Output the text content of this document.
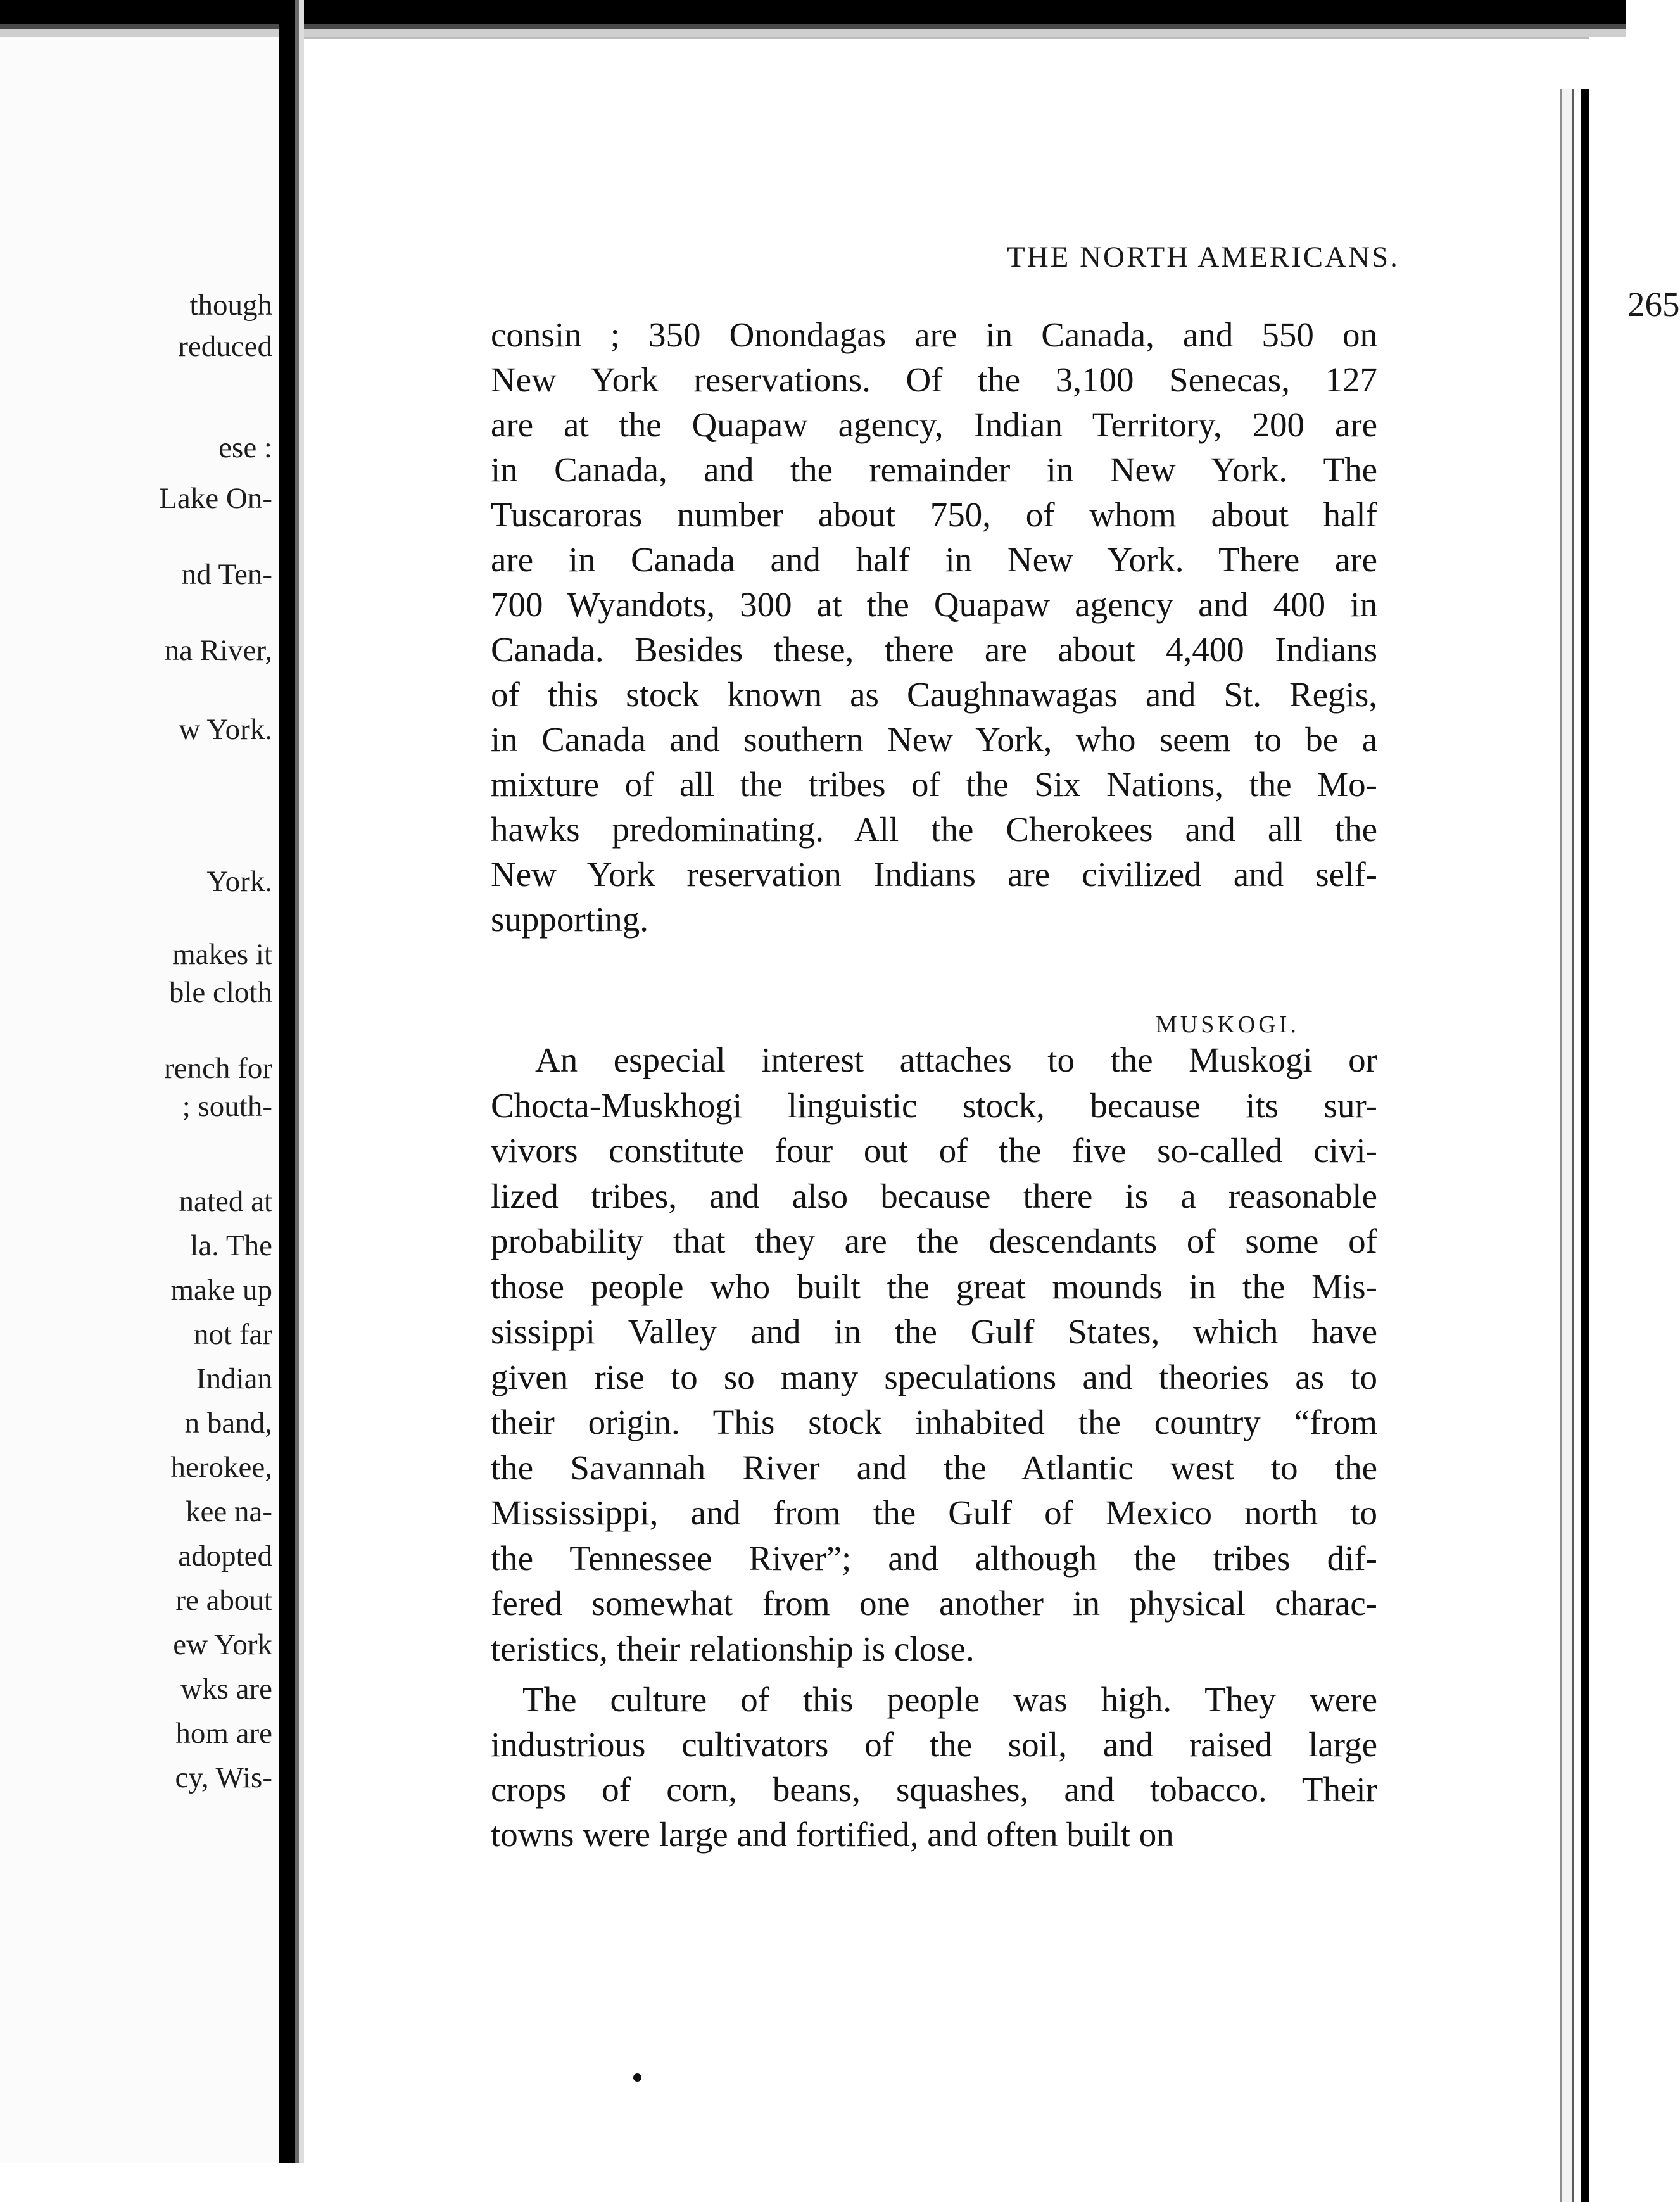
though
reduced
ese :
Lake On-
nd Ten-
na River,
w York.
York.
makes it
ble cloth
rench for
; south-
nated at
la. The
make up
not far
Indian
n band,
herokee,
kee na-
adopted
re about
ew York
wks are
hom are
cy, Wis-
THE NORTH AMERICANS.
265
MUSKOGI.
consin ; 350 Onondagas are in Canada, and 550 on
New York reservations. Of the 3,100 Senecas, 127
are at the Quapaw agency, Indian Territory, 200 are
in Canada, and the remainder in New York. The
Tuscaroras number about 750, of whom about half
are in Canada and half in New York. There are
700 Wyandots, 300 at the Quapaw agency and 400 in
Canada. Besides these, there are about 4,400 Indians
of this stock known as Caughnawagas and St. Regis,
in Canada and southern New York, who seem to be a
mixture of all the tribes of the Six Nations, the Mo-
hawks predominating. All the Cherokees and all the
New York reservation Indians are civilized and self-
supporting.
An especial interest attaches to the Muskogi or
Chocta-Muskhogi linguistic stock, because its sur-
vivors constitute four out of the five so-called civi-
lized tribes, and also because there is a reasonable
probability that they are the descendants of some of
those people who built the great mounds in the Mis-
sissippi Valley and in the Gulf States, which have
given rise to so many speculations and theories as to
their origin. This stock inhabited the country “from
the Savannah River and the Atlantic west to the
Mississippi, and from the Gulf of Mexico north to
the Tennessee River”; and although the tribes dif-
fered somewhat from one another in physical charac-
teristics, their relationship is close.
The culture of this people was high. They were
industrious cultivators of the soil, and raised large
crops of corn, beans, squashes, and tobacco. Their
towns were large and fortified, and often built on
